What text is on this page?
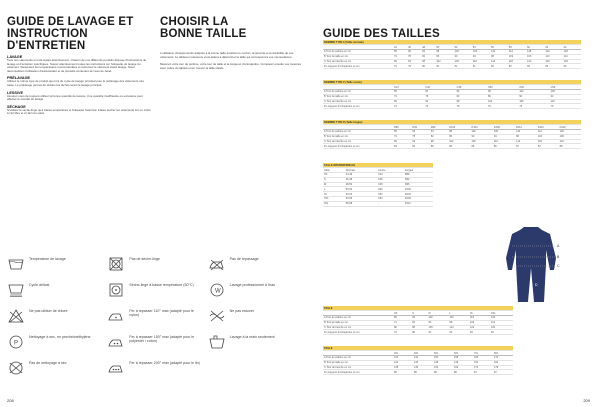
GUIDE DE LAVAGE ET INSTRUCTION D'ENTRETIEN
CHOISIR LA BONNE TAILLE	GUIDE DES TAILLES
LAVAGE
Tous nos vêtements ont été testés attentivement. Chacun de nos différents produits dispose d'instructions de lavage et d'entretien spécifiques. Suivez attentivement toutes les instructions sur l'étiquette de lavage du vêtement. Respectez les températures recommandées et retournez le vêtement avant lavage. Nous déconseillons l'utilisation d'adoucissant et de produits contenant de l'eau de Javel.
PRÉLAVAGE
Utilisez le même type de produit que lors du cycle de lavage principal pour le prélavage des vêtements très sales. Le prélavage permet de réduire les taches avant le lavage principal.
LESSIVE
Assurez-vous de toujours utiliser la bonne quantité de lessive. Une quantité insuffisante ou excessive peut affecter le résultat du lavage.
SÉCHAGE
N'utilisez le sèche-linge qu'à basse température si l'étiquette l'autorise. Faites sécher les vêtements sur un cintre à l'air libre et à l'abri du soleil.
L'utilisation d'équipements adaptés à la bonne taille améliore le confort, la sécurité et la durabilité de vos vêtements. Le tableau ci-dessous vous aidera à déterminer la taille qui correspond à vos mensurations.
Mesurez votre tour de poitrine, votre tour de taille et la longueur d'entrejambe. Comparez ensuite vos mesures avec celles du tableau pour trouver la taille idéale.
Température de lavage	Pas de sèche-linge	Pas de repassage
Cycle délicat	Sèche-linge à basse température (50°C)
W
Lavage professionnel à l'eau
Ne pas utiliser de chlore	Fer à repasser 110° max (adapté pour le nylon)
Ne pas essorer
P
Nettoyage à sec, en percheloréthylène	Fer à repasser 150° max (adapté pour le polyester / coton)
Lavage à la main seulement
Pas de nettoyage à sec	Fer à repasser 200° max (adapté pour le lin)
NOMBRE TYPE A (Taille normale)											
	44	46	48	50	52	54	56	58	60	62	64
A Tour de poitrine en cm	86	90	94	98	102	106	110	114	118	122	126
B Tour de taille en cm	74	78	82	86	90	94	98	102	106	110	114
C Tour de hanche en cm	90	94	98	102	106	110	114	118	122	126	130
D Longueur d'entrejambe en cm	79	79	80	80	81	81	82	82	83	83	84
NOMBRE TYPE C (Taille courte)						
	C44	C46	C48	C50	C52	C54
A Tour de poitrine en cm	86	90	94	98	102	106
B Tour de taille en cm	74	78	82	86	90	94
C Tour de hanche en cm	90	94	98	102	106	110
D Longueur d'entrejambe en cm	74	74	75	75	76	76
NOMBRE TYPE D (Taille longue)									
	D88	D92	D96	D100	D104	D108	D112	D116	D120
A Tour de poitrine en cm	86	90	94	98	102	106	110	114	118
B Tour de taille en cm	74	78	82	86	90	94	98	102	106
C Tour de hanche en cm	90	94	98	102	106	110	114	118	122
D Longueur d'entrejambe en cm	84	84	85	85	86	86	87	87	88
TAILLE INTERNATIONALE			
Taille	Normale	Courte	Longue
XS	44-46	C44	D88
S	46-48	C46	D92
M	48-50	C48	D96
L	50-52	C50	D100
XL	52-54	C52	D104
XXL	54-56	C54	D108
3XL	56-58	-	D112
TAILLE						
	XS	S	M	L	XL	XXL
A Tour de poitrine en cm	86	94	102	110	118	126
B Tour de taille en cm	74	82	90	98	106	114
C Tour de hanche en cm	90	98	106	114	122	130
D Longueur d'entrejambe en cm	79	80	81	82	83	84
TAILLE						
	3XL	4XL	5XL	6XL	7XL	8XL
A Tour de poitrine en cm	134	142	150	158	166	174
B Tour de taille en cm	122	130	138	146	154	162
C Tour de hanche en cm	138	146	154	162	170	178
D Longueur d'entrejambe en cm	85	85	86	86	87	87
A
B
C
D
208	209
